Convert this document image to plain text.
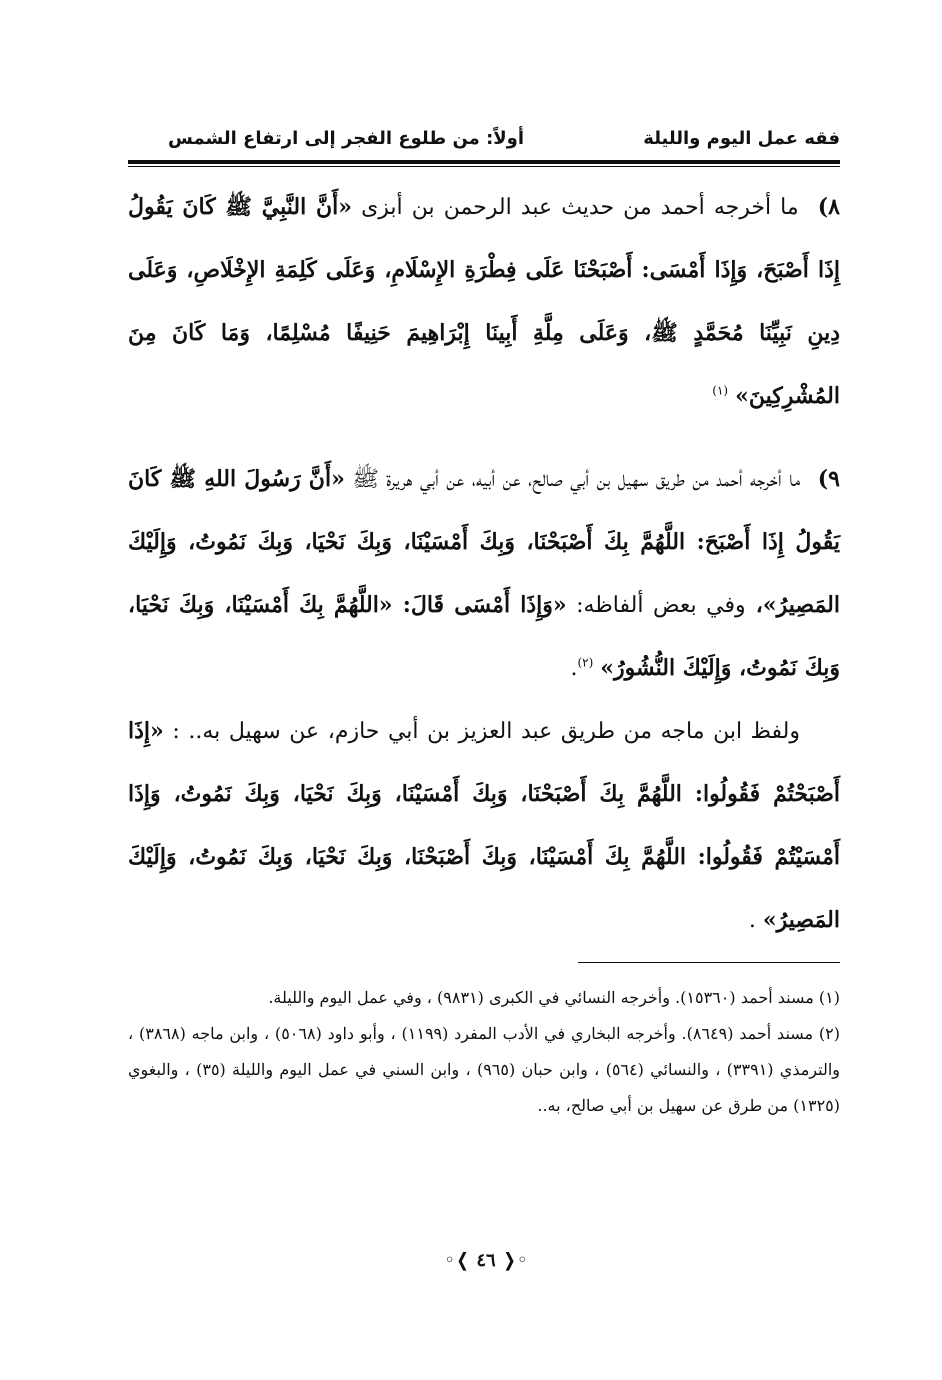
فقه عمل اليوم والليلة
أولاً: من طلوع الفجر إلى ارتفاع الشمس

٨) ما أخرجه أحمد من حديث عبد الرحمن بن أبزى «أَنَّ النَّبِيَّ ﷺ كَانَ يَقُولُ إِذَا أَصْبَحَ، وَإِذَا أَمْسَى: أَصْبَحْنَا عَلَى فِطْرَةِ الإِسْلَامِ، وَعَلَى كَلِمَةِ الإِخْلَاصِ، وَعَلَى دِينِ نَبِيِّنَا مُحَمَّدٍ ﷺ، وَعَلَى مِلَّةِ أَبِينَا إِبْرَاهِيمَ حَنِيفًا مُسْلِمًا، وَمَا كَانَ مِنَ المُشْرِكِينَ» $^{(١)}$

٩) ما أخرجه أحمد من طريق سهيل بن أبي صالح، عن أبيه، عن أبي هريرة ﷺ «أَنَّ رَسُولَ اللهِ ﷺ كَانَ يَقُولُ إِذَا أَصْبَحَ: اللَّهُمَّ بِكَ أَصْبَحْنَا، وَبِكَ أَمْسَيْنَا، وَبِكَ نَحْيَا، وَبِكَ نَمُوتُ، وَإِلَيْكَ المَصِيرُ»، وفي بعض ألفاظه: «وَإِذَا أَمْسَى قَالَ: «اللَّهُمَّ بِكَ أَمْسَيْنَا، وَبِكَ نَحْيَا، وَبِكَ نَمُوتُ، وَإِلَيْكَ النُّشُورُ» $^{(٢)}$.

ولفظ ابن ماجه من طريق عبد العزيز بن أبي حازم، عن سهيل به.. : «إِذَا أَصْبَحْتُمْ فَقُولُوا: اللَّهُمَّ بِكَ أَصْبَحْنَا، وَبِكَ أَمْسَيْنَا، وَبِكَ نَحْيَا، وَبِكَ نَمُوتُ، وَإِذَا أَمْسَيْتُمْ فَقُولُوا: اللَّهُمَّ بِكَ أَمْسَيْنَا، وَبِكَ أَصْبَحْنَا، وَبِكَ نَحْيَا، وَبِكَ نَمُوتُ، وَإِلَيْكَ المَصِيرُ» .

(١) مسند أحمد (١٥٣٦٠). وأخرجه النسائي في الكبرى (٩٨٣١) ، وفي عمل اليوم والليلة.

(٢) مسند أحمد (٨٦٤٩). وأخرجه البخاري في الأدب المفرد (١١٩٩) ، وأبو داود (٥٠٦٨) ، وابن ماجه (٣٨٦٨) ، والترمذي (٣٣٩١) ، والنسائي (٥٦٤) ، وابن حبان (٩٦٥) ، وابن السني في عمل اليوم والليلة (٣٥) ، والبغوي (١٣٢٥) من طرق عن سهيل بن أبي صالح، به..

◦❬ ٤٦ ❭◦
